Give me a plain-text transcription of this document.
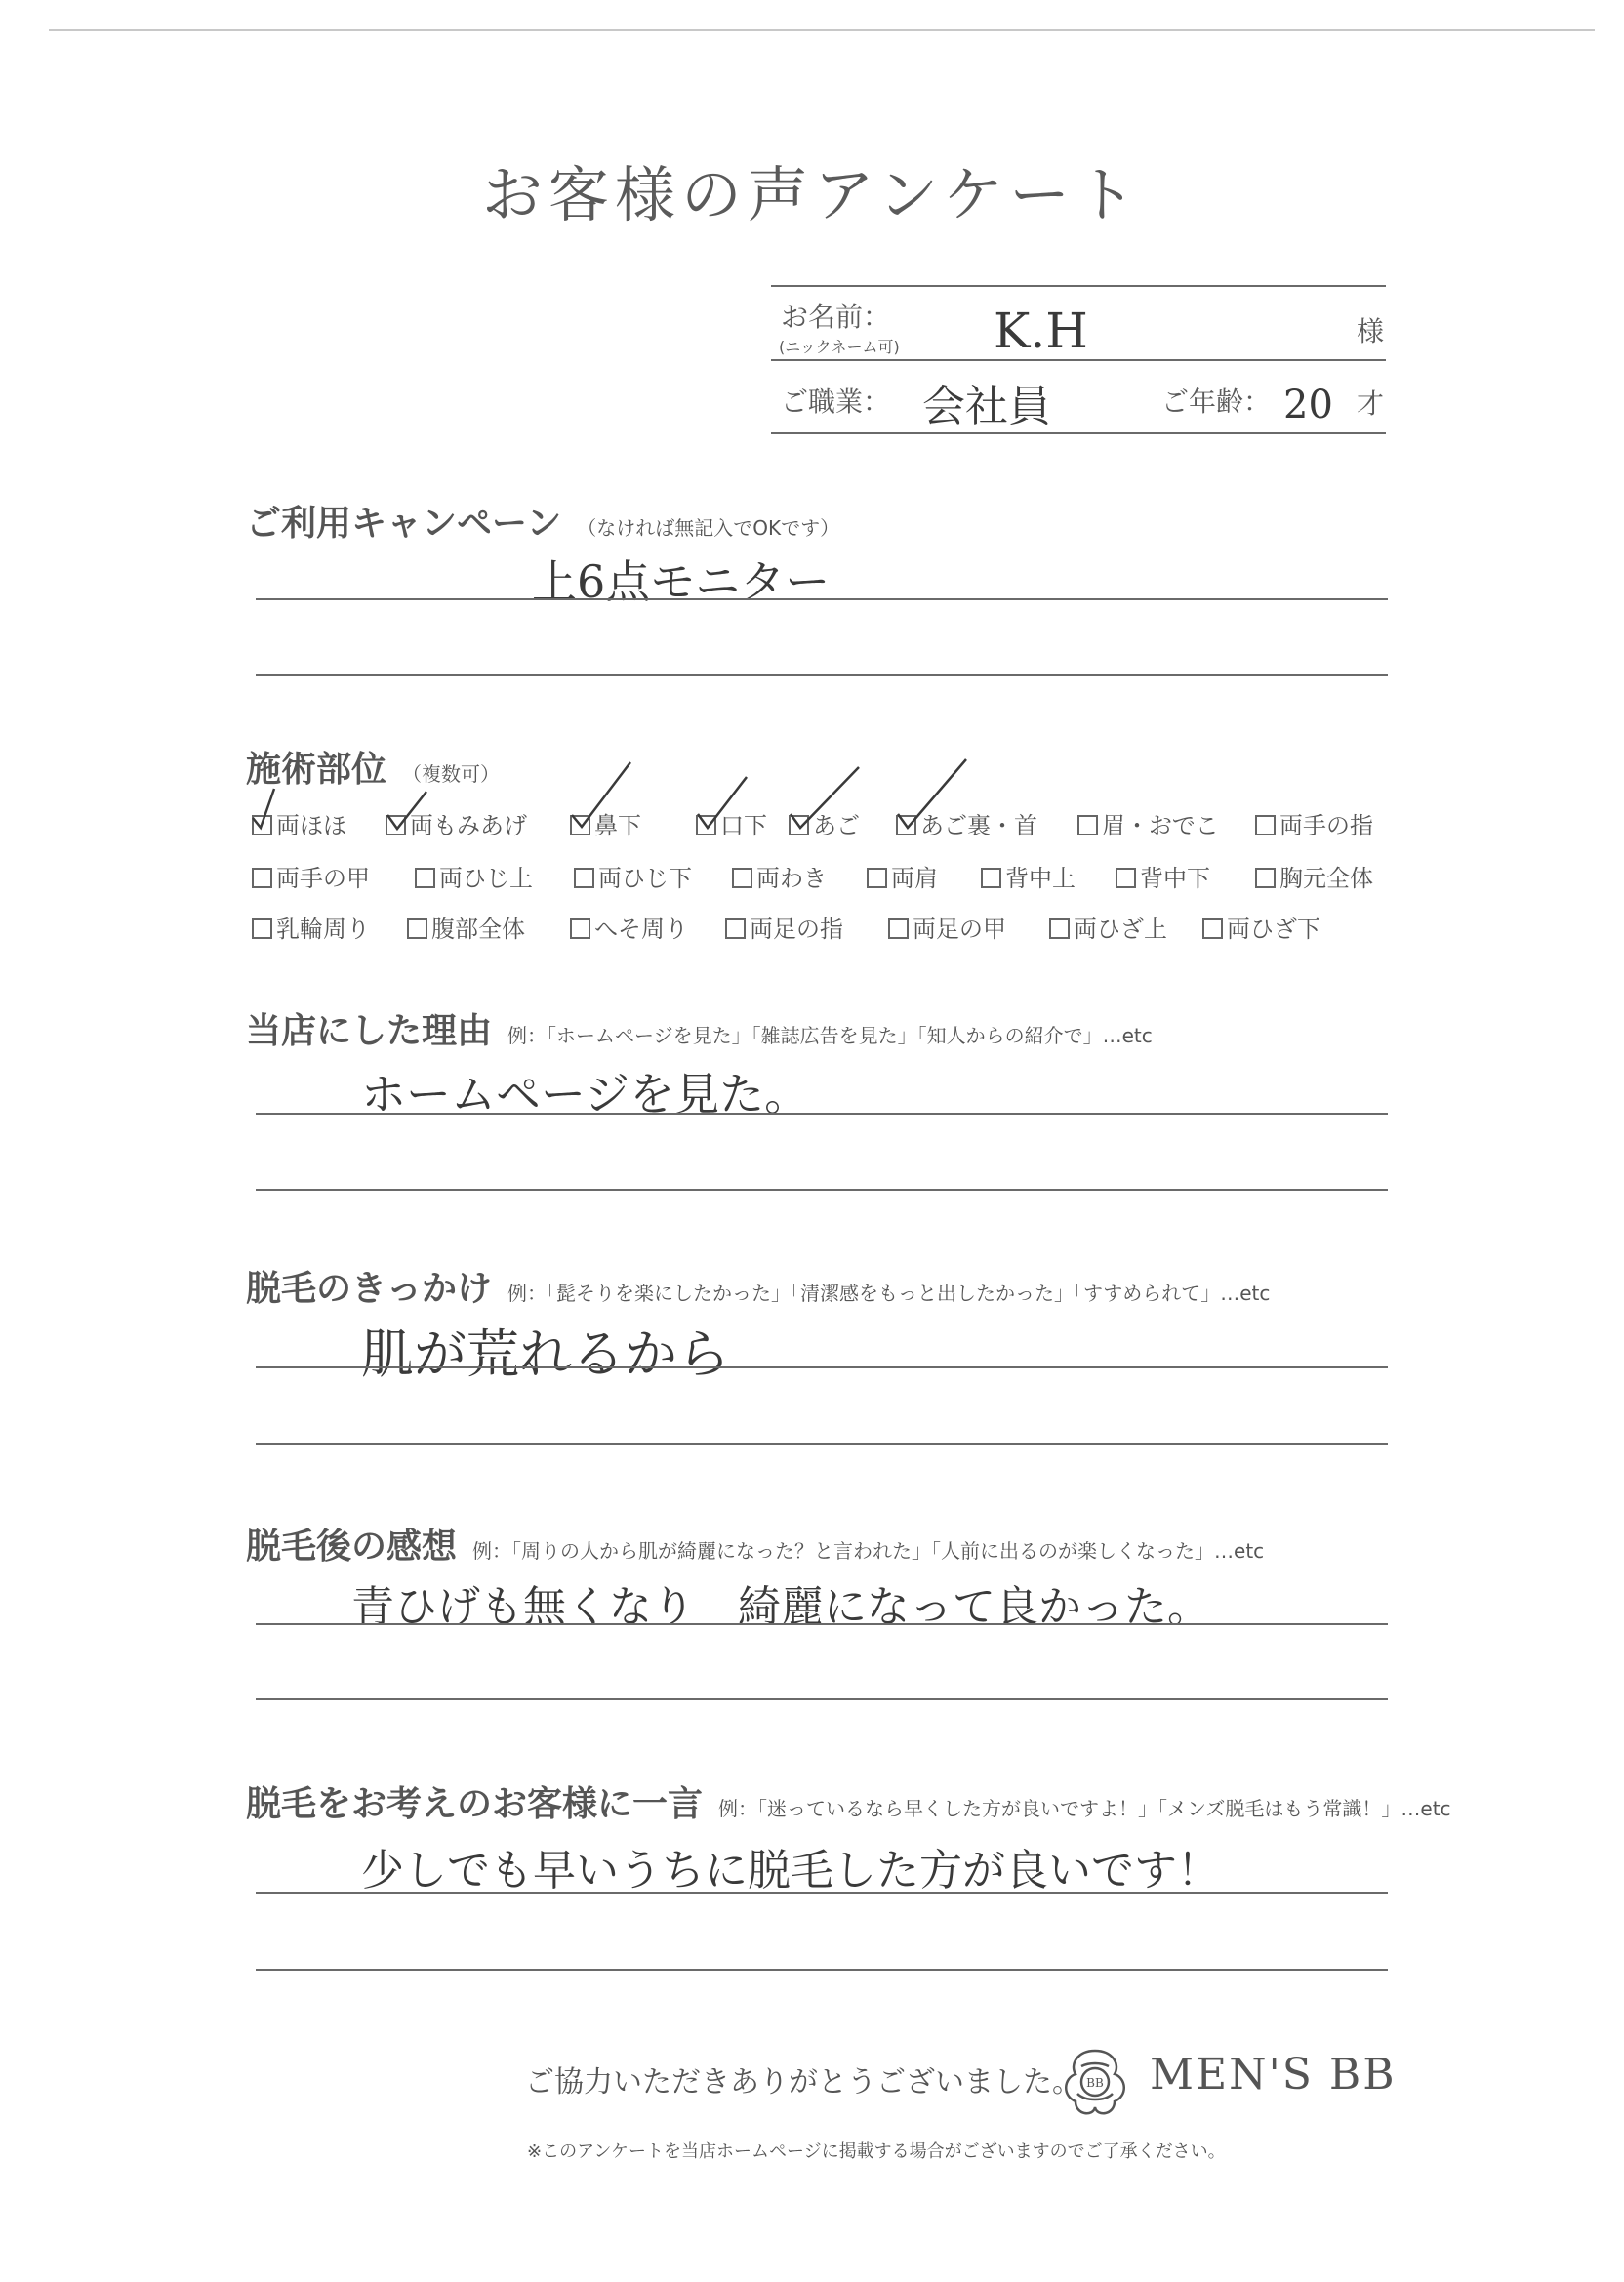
お客様の声アンケート
お名前：
(ニックネーム可) K.H	様
ご職業： 会社員	ご年齢： 20 才
ご利用キャンペーン （なければ無記入でOKです）
上6点モニター
施術部位 （複数可）
両ほほ	両もみあげ	鼻下	口下	あご	あご裏・首	眉・おでこ	両手の指
両手の甲	両ひじ上	両ひじ下	両わき	両肩	背中上	背中下	胸元全体
乳輪周り	腹部全体	へそ周り	両足の指	両足の甲	両ひざ上	両ひざ下
当店にした理由 例：「ホームページを見た」「雑誌広告を見た」「知人からの紹介で」…etc
ホームページを見た。
脱毛のきっかけ 例：「髭そりを楽にしたかった」「清潔感をもっと出したかった」「すすめられて」…etc
肌が荒れるから
脱毛後の感想 例：「周りの人から肌が綺麗になった？と言われた」「人前に出るのが楽しくなった」…etc
青ひげも無くなり　綺麗になって良かった。
脱毛をお考えのお客様に一言 例：「迷っているなら早くした方が良いですよ！」「メンズ脱毛はもう常識！」…etc
少しでも早いうちに脱毛した方が良いです！
ご協力いただきありがとうございました。 BB MEN'S BB
※このアンケートを当店ホームページに掲載する場合がございますのでご了承ください。
